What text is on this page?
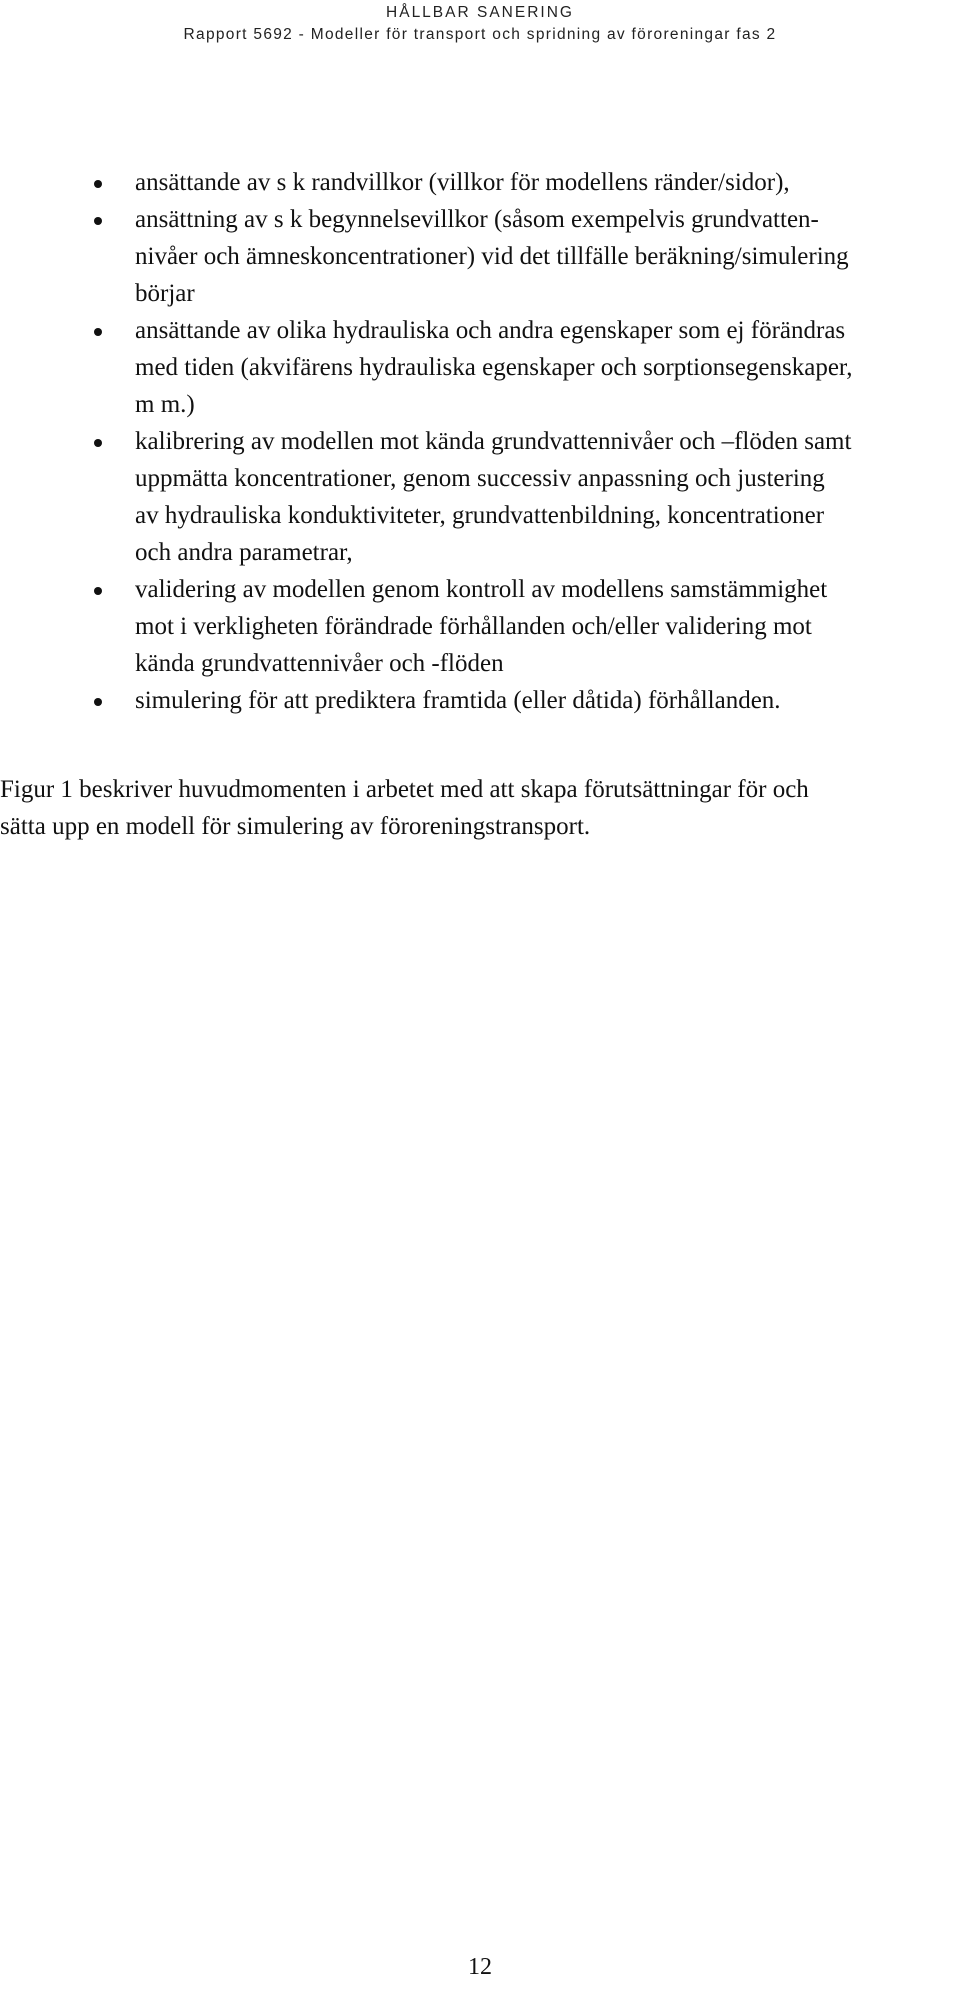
HÅLLBAR SANERING
Rapport 5692 - Modeller för transport och spridning av föroreningar fas 2
ansättande av s k randvillkor (villkor för modellens ränder/sidor),
ansättning av s k begynnelsevillkor (såsom exempelvis grundvatten-
nivåer och ämneskoncentrationer) vid det tillfälle beräkning/simulering
börjar
ansättande av olika hydrauliska och andra egenskaper som ej förändras
med tiden (akvifärens hydrauliska egenskaper och sorptionsegenskaper,
m m.)
kalibrering av modellen mot kända grundvattennivåer och –flöden samt
uppmätta koncentrationer, genom successiv anpassning och justering
av hydrauliska konduktiviteter, grundvattenbildning, koncentrationer
och andra parametrar,
validering av modellen genom kontroll av modellens samstämmighet
mot i verkligheten förändrade förhållanden och/eller validering mot
kända grundvattennivåer och -flöden
simulering för att prediktera framtida (eller dåtida) förhållanden.
Figur 1 beskriver huvudmomenten i arbetet med att skapa förutsättningar för och
sätta upp en modell för simulering av föroreningstransport.
12
